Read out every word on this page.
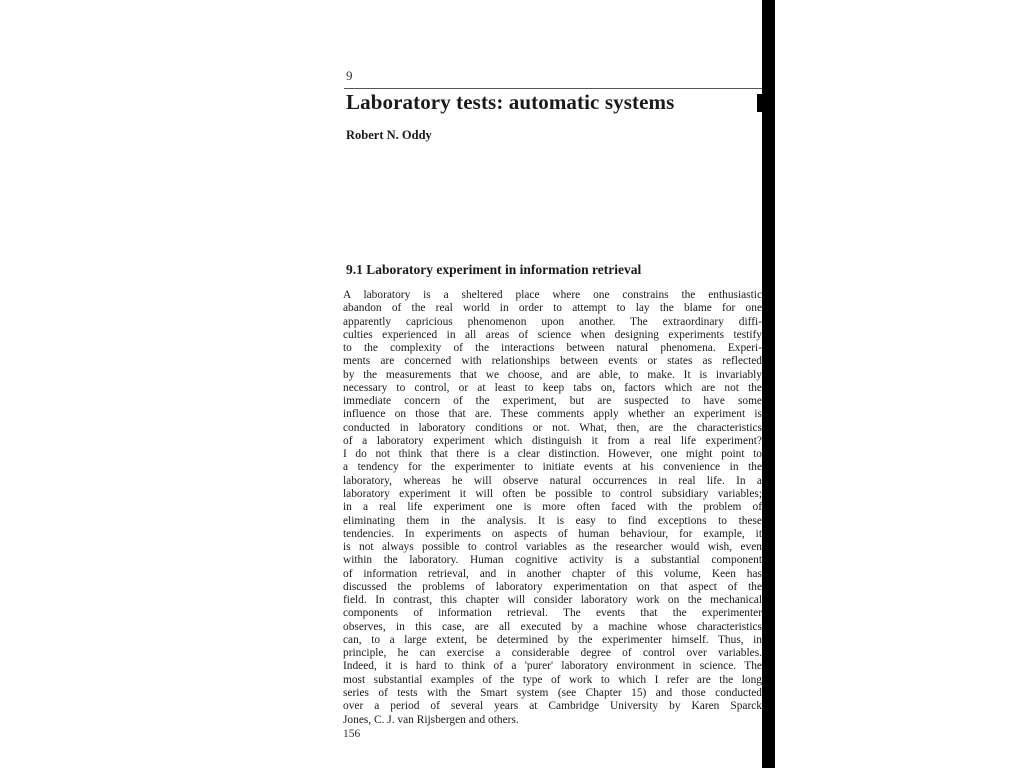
9
Laboratory tests: automatic systems
Robert N. Oddy
9.1 Laboratory experiment in information retrieval
A laboratory is a sheltered place where one constrains the enthusiastic
abandon of the real world in order to attempt to lay the blame for one
apparently capricious phenomenon upon another. The extraordinary diffi-
culties experienced in all areas of science when designing experiments testify
to the complexity of the interactions between natural phenomena. Experi-
ments are concerned with relationships between events or states as reflected
by the measurements that we choose, and are able, to make. It is invariably
necessary to control, or at least to keep tabs on, factors which are not the
immediate concern of the experiment, but are suspected to have some
influence on those that are. These comments apply whether an experiment is
conducted in laboratory conditions or not. What, then, are the characteristics
of a laboratory experiment which distinguish it from a real life experiment?
I do not think that there is a clear distinction. However, one might point to
a tendency for the experimenter to initiate events at his convenience in the
laboratory, whereas he will observe natural occurrences in real life. In a
laboratory experiment it will often be possible to control subsidiary variables;
in a real life experiment one is more often faced with the problem of
eliminating them in the analysis. It is easy to find exceptions to these
tendencies. In experiments on aspects of human behaviour, for example, it
is not always possible to control variables as the researcher would wish, even
within the laboratory. Human cognitive activity is a substantial component
of information retrieval, and in another chapter of this volume, Keen has
discussed the problems of laboratory experimentation on that aspect of the
field. In contrast, this chapter will consider laboratory work on the mechanical
components of information retrieval. The events that the experimenter
observes, in this case, are all executed by a machine whose characteristics
can, to a large extent, be determined by the experimenter himself. Thus, in
principle, he can exercise a considerable degree of control over variables.
Indeed, it is hard to think of a 'purer' laboratory environment in science. The
most substantial examples of the type of work to which I refer are the long
series of tests with the Smart system (see Chapter 15) and those conducted
over a period of several years at Cambridge University by Karen Sparck
Jones, C. J. van Rijsbergen and others.
156
